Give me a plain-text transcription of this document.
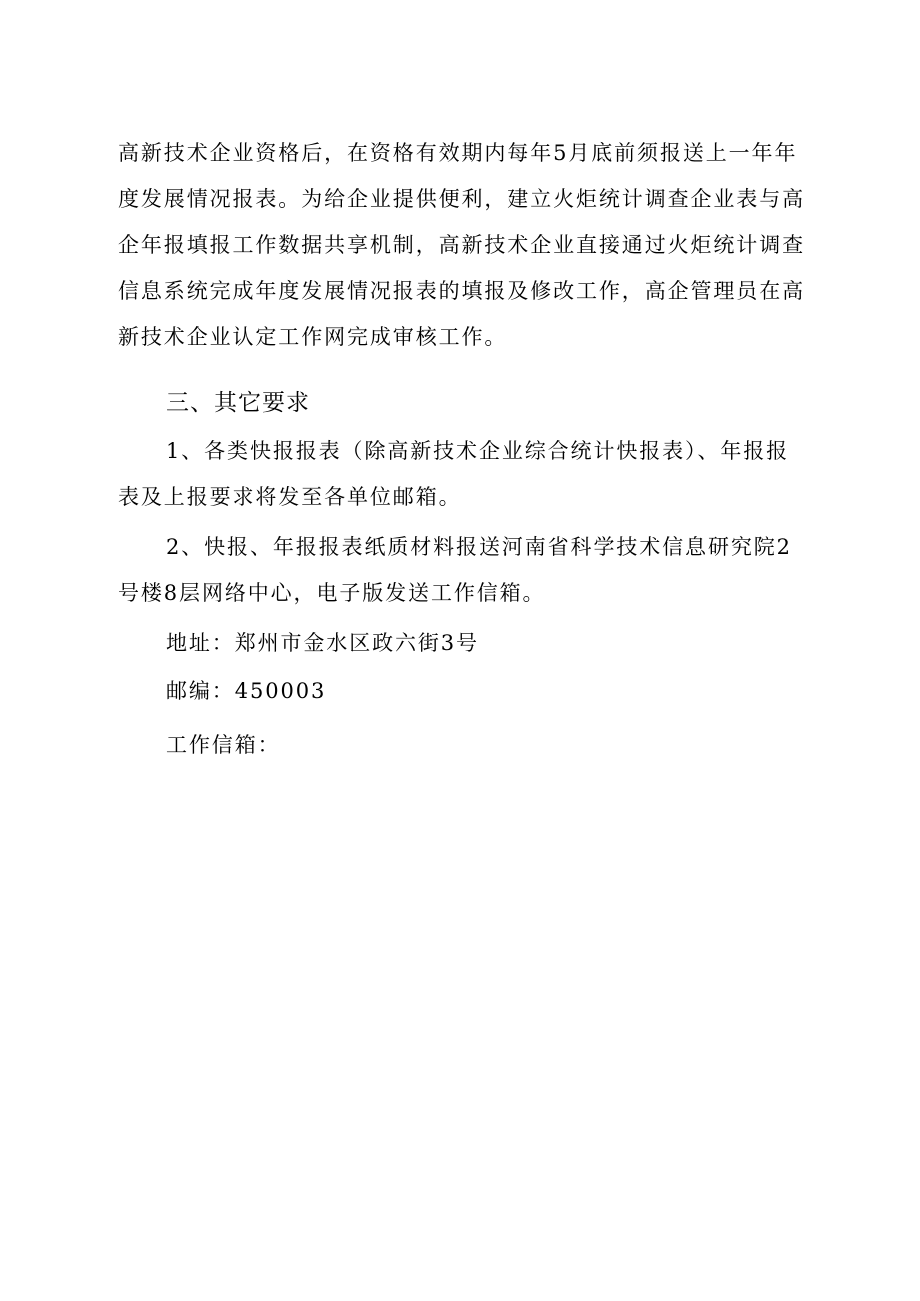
高新技术企业资格后，在资格有效期内每年5月底前须报送上一年年
度发展情况报表。为给企业提供便利，建立火炬统计调查企业表与高
企年报填报工作数据共享机制，高新技术企业直接通过火炬统计调查
信息系统完成年度发展情况报表的填报及修改工作，高企管理员在高
新技术企业认定工作网完成审核工作。
三、其它要求
1、各类快报报表（除高新技术企业综合统计快报表）、年报报
表及上报要求将发至各单位邮箱。
2、快报、年报报表纸质材料报送河南省科学技术信息研究院2
号楼8层网络中心，电子版发送工作信箱。
地址：郑州市金水区政六街3号
邮编：450003
工作信箱：
